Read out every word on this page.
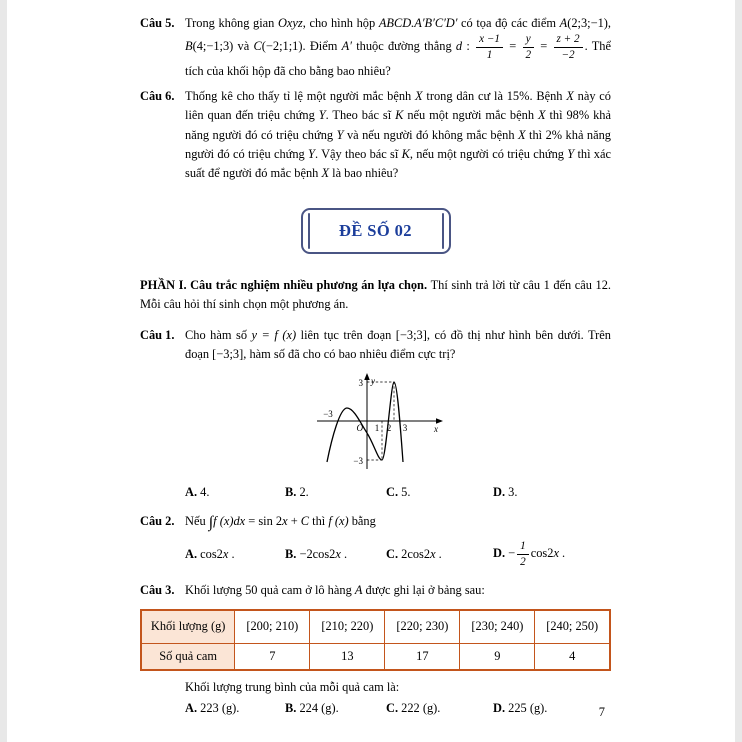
Câu 5. Trong không gian Oxyz, cho hình hộp ABCD.A′B′C′D′ có tọa độ các điểm A(2;3;−1), B(4;−1;3) và C(−2;1;1). Điểm A′ thuộc đường thẳng d : $\frac{x -1}{1} = \frac{y}{2} = \frac{z + 2}{-2}$ . Thể tích của khối hộp đã cho bằng bao nhiêu?

Câu 6. Thống kê cho thấy tỉ lệ một người mắc bệnh X trong dân cư là 15%. Bệnh X này có liên quan đến triệu chứng Y. Theo bác sĩ K nếu một người mắc bệnh X thì 98% khả năng người đó có triệu chứng Y và nếu người đó không mắc bệnh X thì 2% khả năng người đó có triệu chứng Y. Vậy theo bác sĩ K, nếu một người có triệu chứng Y thì xác suất để người đó mắc bệnh X là bao nhiêu?

ĐỀ SỐ 02

PHẦN I. Câu trắc nghiệm nhiều phương án lựa chọn. Thí sinh trả lời từ câu 1 đến câu 12. Mỗi câu hỏi thí sinh chọn một phương án.

Câu 1. Cho hàm số y = f (x) liên tục trên đoạn [−3;3], có đồ thị như hình bên dưới. Trên đoạn [−3;3], hàm số đã cho có bao nhiêu điểm cực trị?

y
x
O
3
−3
−3
1 2 3
A. 4.	B. 2.	C. 5.	D. 3.
Câu 2. Nếu ∫f (x)dx = sin 2x + C thì f (x) bằng

A. cos2x .	B. −2cos2x .	C. 2cos2x .	D. − $\frac{1}{2} \cos 2x$ .
Câu 3. Khối lượng 50 quả cam ở lô hàng A được ghi lại ở bảng sau:

Khối lượng (g)	[200; 210)	[210; 220)	[220; 230)	[230; 240)	[240; 250)
Số quả cam	7	13	17	9	4

Khối lượng trung bình của mỗi quả cam là:

A. 223 (g).	B. 224 (g).	C. 222 (g).	D. 225 (g).	7
